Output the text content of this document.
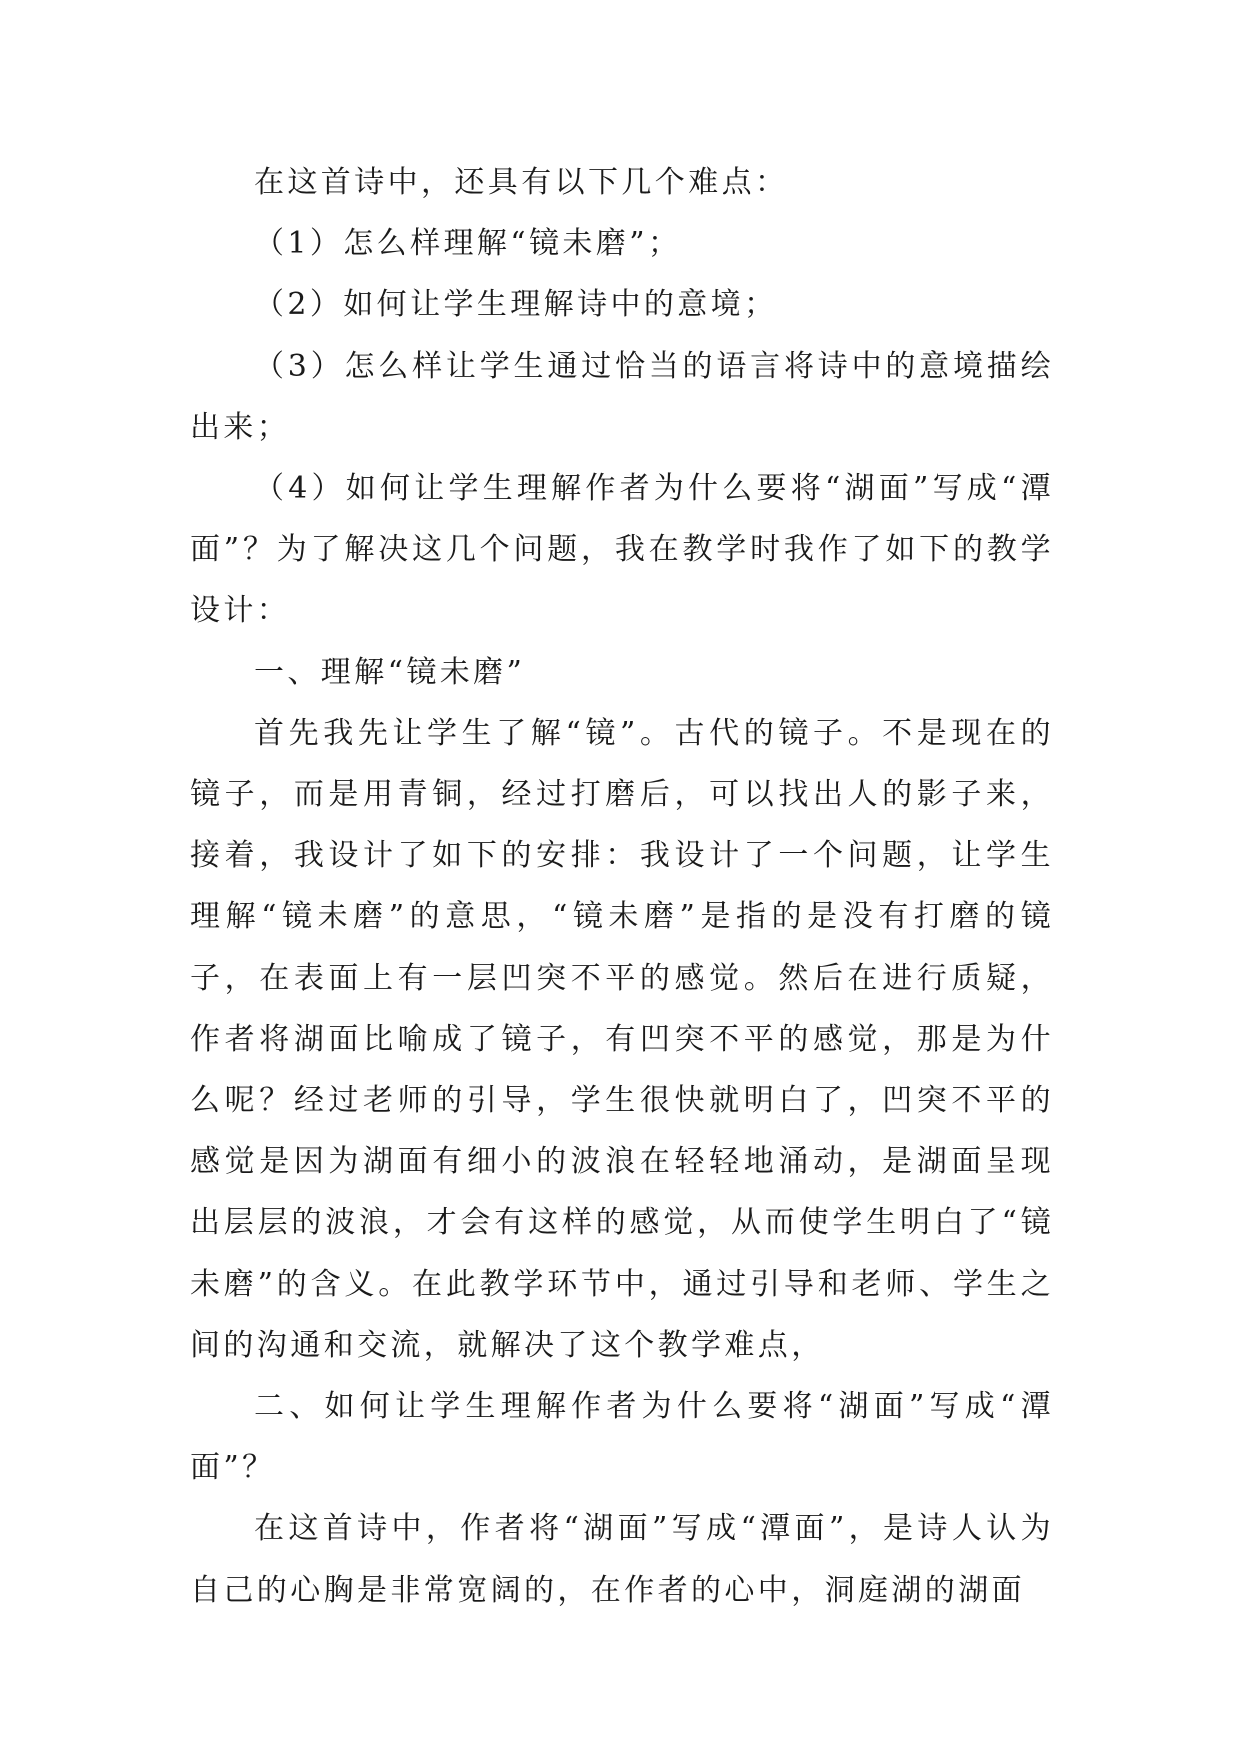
在这首诗中，还具有以下几个难点：

（1）怎么样理解“镜未磨”；

（2）如何让学生理解诗中的意境；

（3）怎么样让学生通过恰当的语言将诗中的意境描绘出来；

（4）如何让学生理解作者为什么要将“湖面”写成“潭面”？为了解决这几个问题，我在教学时我作了如下的教学设计：

一、理解“镜未磨”

首先我先让学生了解“镜”。古代的镜子。不是现在的镜子，而是用青铜，经过打磨后，可以找出人的影子来，接着，我设计了如下的安排：我设计了一个问题，让学生理解“镜未磨”的意思，“镜未磨”是指的是没有打磨的镜子，在表面上有一层凹突不平的感觉。然后在进行质疑，作者将湖面比喻成了镜子，有凹突不平的感觉，那是为什么呢？经过老师的引导，学生很快就明白了，凹突不平的感觉是因为湖面有细小的波浪在轻轻地涌动，是湖面呈现出层层的波浪，才会有这样的感觉，从而使学生明白了“镜未磨”的含义。在此教学环节中，通过引导和老师、学生之间的沟通和交流，就解决了这个教学难点，

二、如何让学生理解作者为什么要将“湖面”写成“潭面”？

在这首诗中，作者将“湖面”写成“潭面”，是诗人认为自己的心胸是非常宽阔的，在作者的心中，洞庭湖的湖面
